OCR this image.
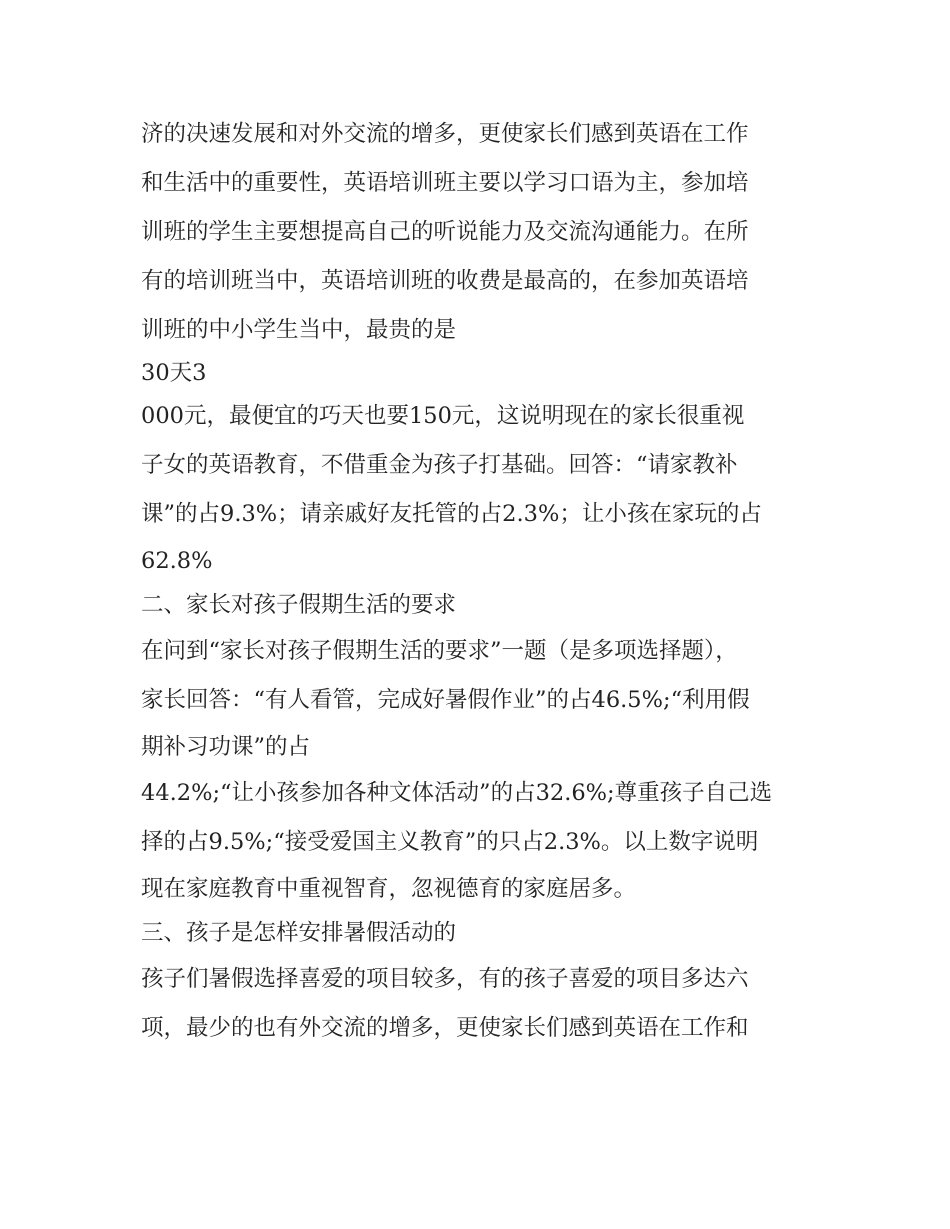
济的决速发展和对外交流的增多，更使家长们感到英语在工作
和生活中的重要性，英语培训班主要以学习口语为主，参加培
训班的学生主要想提高自己的听说能力及交流沟通能力。在所
有的培训班当中，英语培训班的收费是最高的，在参加英语培
训班的中小学生当中，最贵的是
30天3
000元，最便宜的巧天也要150元，这说明现在的家长很重视
子女的英语教育，不借重金为孩子打基础。回答：“请家教补
课”的占9.3%；请亲戚好友托管的占2.3%；让小孩在家玩的占
62.8%
二、家长对孩子假期生活的要求
在问到“家长对孩子假期生活的要求”一题（是多项选择题），
家长回答：“有人看管，完成好暑假作业”的占46.5%;“利用假
期补习功课”的占
44.2%;“让小孩参加各种文体活动”的占32.6%;尊重孩子自己选
择的占9.5%;“接受爱国主义教育”的只占2.3%。以上数字说明
现在家庭教育中重视智育，忽视德育的家庭居多。
三、孩子是怎样安排暑假活动的
孩子们暑假选择喜爱的项目较多，有的孩子喜爱的项目多达六
项，最少的也有外交流的增多，更使家长们感到英语在工作和
